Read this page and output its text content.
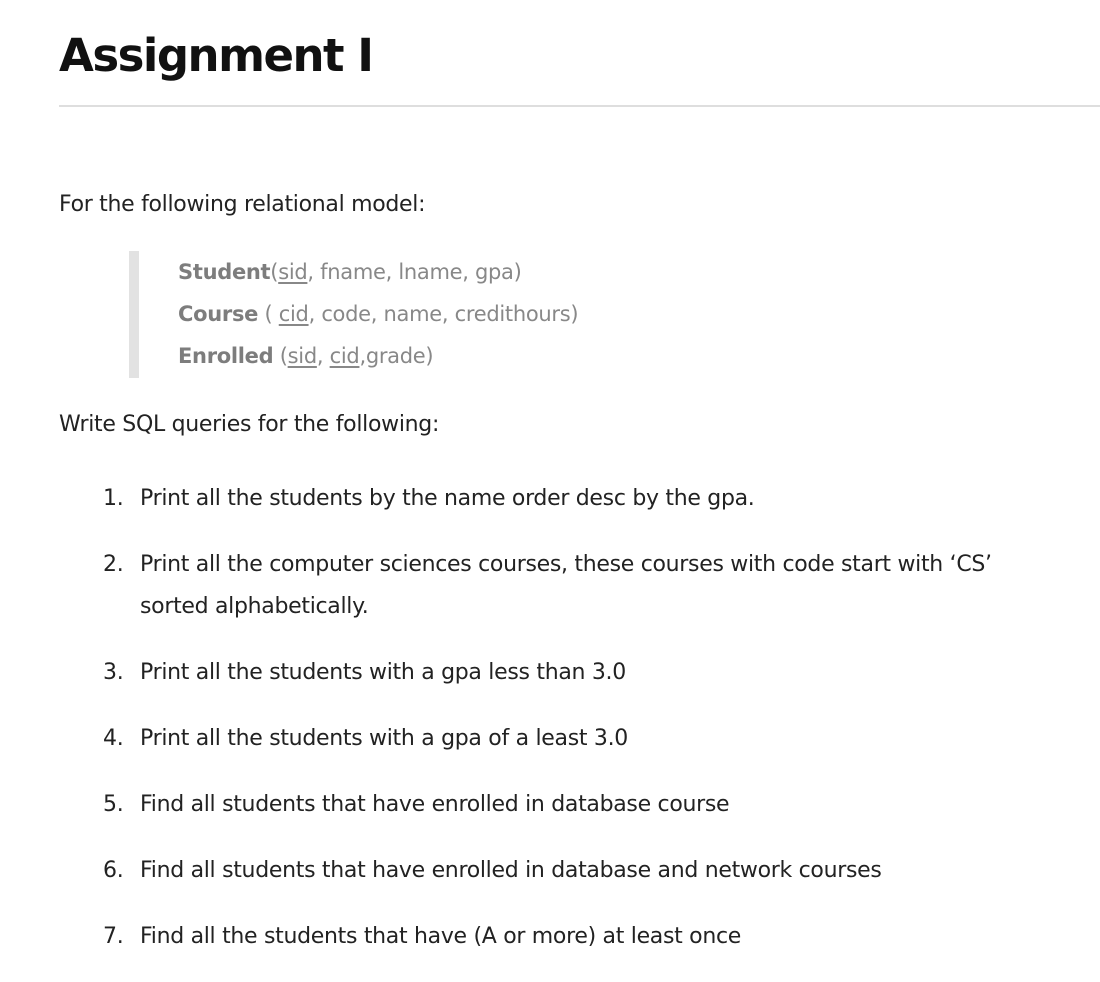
Assignment I

For the following relational model:

Student(sid, fname, lname, gpa)
Course ( cid, code, name, credithours)
Enrolled (sid, cid,grade)

Write SQL queries for the following:

1. Print all the students by the name order desc by the gpa.
2. Print all the computer sciences courses, these courses with code start with ‘CS’ sorted alphabetically.
3. Print all the students with a gpa less than 3.0
4. Print all the students with a gpa of a least 3.0
5. Find all students that have enrolled in database course
6. Find all students that have enrolled in database and network courses
7. Find all the students that have (A or more) at least once
